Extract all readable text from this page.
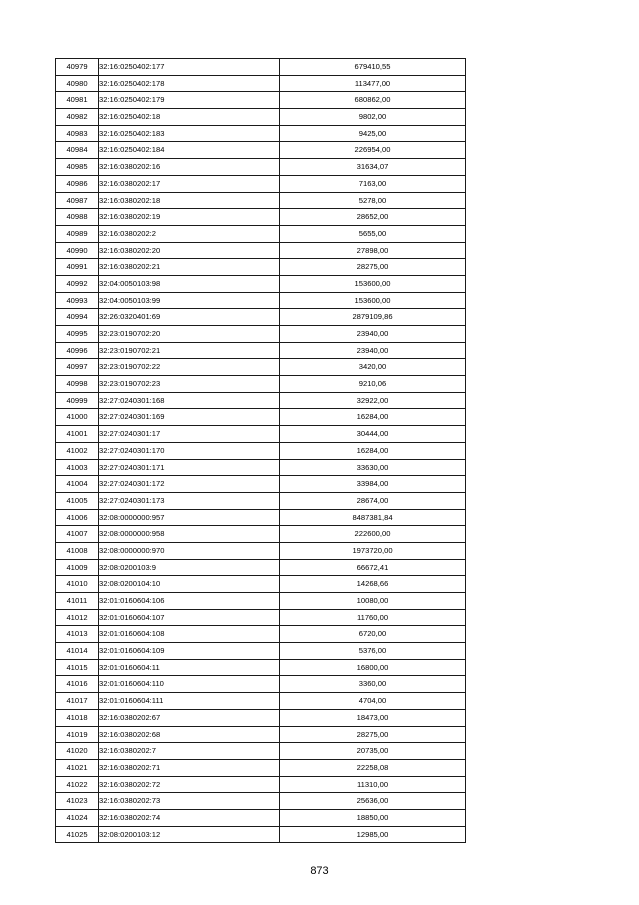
40979	32:16:0250402:177	679410,55
40980	32:16:0250402:178	113477,00
40981	32:16:0250402:179	680862,00
40982	32:16:0250402:18	9802,00
40983	32:16:0250402:183	9425,00
40984	32:16:0250402:184	226954,00
40985	32:16:0380202:16	31634,07
40986	32:16:0380202:17	7163,00
40987	32:16:0380202:18	5278,00
40988	32:16:0380202:19	28652,00
40989	32:16:0380202:2	5655,00
40990	32:16:0380202:20	27898,00
40991	32:16:0380202:21	28275,00
40992	32:04:0050103:98	153600,00
40993	32:04:0050103:99	153600,00
40994	32:26:0320401:69	2879109,86
40995	32:23:0190702:20	23940,00
40996	32:23:0190702:21	23940,00
40997	32:23:0190702:22	3420,00
40998	32:23:0190702:23	9210,06
40999	32:27:0240301:168	32922,00
41000	32:27:0240301:169	16284,00
41001	32:27:0240301:17	30444,00
41002	32:27:0240301:170	16284,00
41003	32:27:0240301:171	33630,00
41004	32:27:0240301:172	33984,00
41005	32:27:0240301:173	28674,00
41006	32:08:0000000:957	8487381,84
41007	32:08:0000000:958	222600,00
41008	32:08:0000000:970	1973720,00
41009	32:08:0200103:9	66672,41
41010	32:08:0200104:10	14268,66
41011	32:01:0160604:106	10080,00
41012	32:01:0160604:107	11760,00
41013	32:01:0160604:108	6720,00
41014	32:01:0160604:109	5376,00
41015	32:01:0160604:11	16800,00
41016	32:01:0160604:110	3360,00
41017	32:01:0160604:111	4704,00
41018	32:16:0380202:67	18473,00
41019	32:16:0380202:68	28275,00
41020	32:16:0380202:7	20735,00
41021	32:16:0380202:71	22258,08
41022	32:16:0380202:72	11310,00
41023	32:16:0380202:73	25636,00
41024	32:16:0380202:74	18850,00
41025	32:08:0200103:12	12985,00
873
